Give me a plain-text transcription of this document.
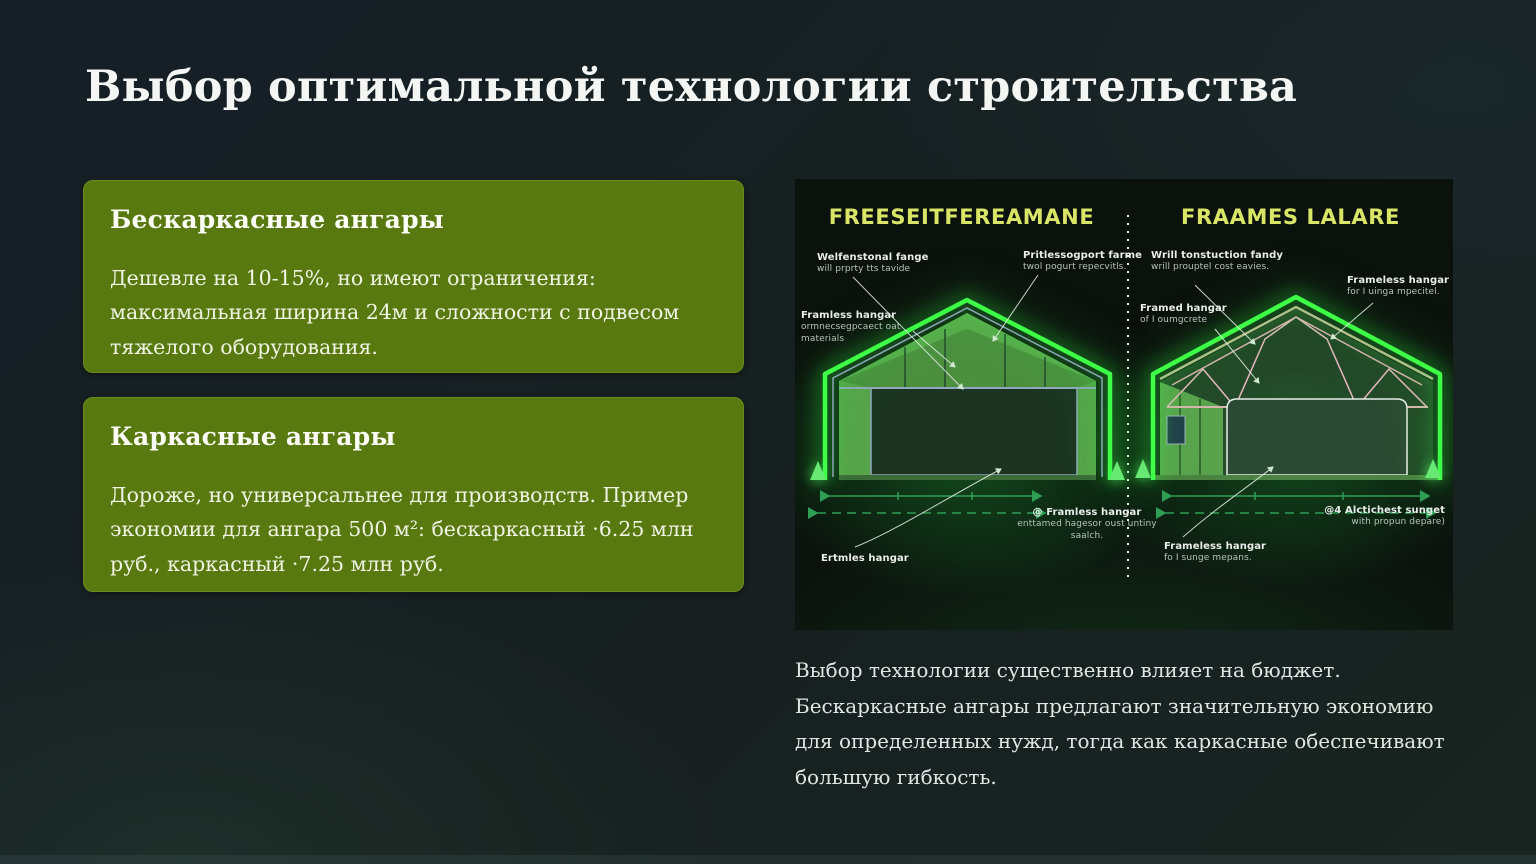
Выбор оптимальной технологии строительства
Бескаркасные ангары

Дешевле на 10-15%, но имеют ограничения: максимальная ширина 24м и сложности с подвесом тяжелого оборудования.

Каркасные ангары

Дороже, но универсальнее для производств. Пример экономии для ангара 500 м²: бескаркасный ·6.25 млн руб., каркасный ·7.25 млн руб.

FREESEITFEREAMANE	FRAAMES LALARE
Welfenstonal fange
will prprty tts tavide
Pritlessogport farme
twol pogurt repecvitls.
Framless hangar
ormnecsegpcaect oat materials
@ Framless hangar
enttamed hagesor oust untiny saalch.
Ertmles hangar
Wrill tonstuction fandy
wrill prouptel cost eavies.
Frameless hangar
for I uinga mpecitel.
Framed hangar
of I oumgcrete
Frameless hangar
fo I sunge mepans.
@4 Alctichest sunget
with propun depare)

Выбор технологии существенно влияет на бюджет. Бескаркасные ангары предлагают значительную экономию для определенных нужд, тогда как каркасные обеспечивают большую гибкость.
